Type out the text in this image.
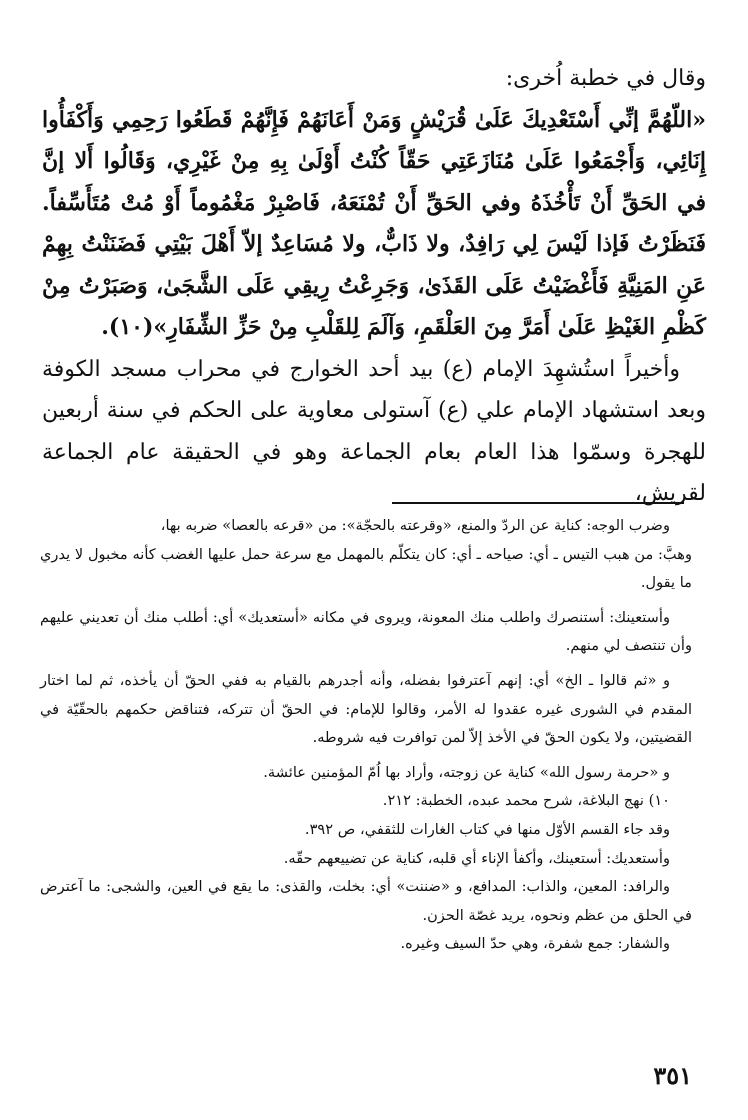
وقال في خطبة اُخرى:

«اللّهُمَّ إنِّي أَسْتَعْدِيكَ عَلَىٰ قُرَيْشٍ وَمَنْ أَعَانَهُمْ فَإِنَّهُمْ قَطَعُوا رَحِمِي وَأَكْفَأُوا إِنَائِي، وَأَجْمَعُوا عَلَىٰ مُنَازَعَتِي حَقّاً كُنْتُ أَوْلَىٰ بِهِ مِنْ غَيْرِي، وَقَالُوا أَلا إنَّ في الحَقِّ أَنْ تَأْخُذَهُ وفي الحَقِّ أَنْ تُمْنَعَهُ، فَاصْبِرْ مَغْمُوماً أَوْ مُتْ مُتَأَسِّفاً. فَنَظَرْتُ فَإذا لَيْسَ لِي رَافِدٌ، ولا ذَابٌّ، ولا مُسَاعِدٌ إلاّ أَهْلَ بَيْتِي فَضَنَنْتُ بِهِمْ عَنِ المَنِيَّةِ فَأَغْضَيْتُ عَلَى القَذَىٰ، وَجَرِعْتُ رِيقِي عَلَى الشَّجَىٰ، وَصَبَرْتُ مِنْ كَظْمِ الغَيْظِ عَلَىٰ أَمَرَّ مِنَ العَلْقَمِ، وَآلَمَ لِلقَلْبِ مِنْ حَزِّ الشِّفَارِ»(١٠).

وأخيراً استُشهِدَ الإمام (ع) بيد أحد الخوارج في محراب مسجد الكوفة وبعد استشهاد الإمام علي (ع) آستولى معاوية على الحكم في سنة أربعين للهجرة وسمّوا هذا العام بعام الجماعة وهو في الحقيقة عام الجماعة لقريش،

وضرب الوجه: كناية عن الردّ والمنع، «وقرعته بالحجّة»: من «قرعه بالعصا» ضربه بها،

وهبَّ: من هبب التيس ـ أي: صياحه ـ أي: كان يتكلّم بالمهمل مع سرعة حمل عليها الغضب كأنه مخبول لا يدري ما يقول.

وأستعينك: أستنصرك واطلب منك المعونة، ويروى في مكانه «أستعديك» أي: أطلب منك أن تعديني عليهم وأن تنتصف لي منهم.

و «ثم قالوا ـ الخ» أي: إنهم آعترفوا بفضله، وأنه أجدرهم بالقيام به ففي الحقّ أن يأخذه، ثم لما اختار المقدم في الشورى غيره عقدوا له الأمر، وقالوا للإمام: في الحقّ أن تتركه، فتناقض حكمهم بالحقّيّة في القضيتين، ولا يكون الحقّ في الأخذ إلاّ لمن توافرت فيه شروطه.

و «حرمة رسول الله» كناية عن زوجته، وأراد بها اُمّ المؤمنين عائشة.

١٠) نهج البلاغة، شرح محمد عبده، الخطبة: ٢١٢.

وقد جاء القسم الأوّل منها في كتاب الغارات للثقفي، ص ٣٩٢.

وأستعديك: أستعينك، وأكفأ الإناء أي قلبه، كناية عن تضييعهم حقّه.

والرافد: المعين، والذاب: المدافع، و «ضننت» أي: بخلت، والقذى: ما يقع في العين، والشجى: ما آعترض في الحلق من عظم ونحوه، يريد غصّة الحزن.

والشفار: جمع شفرة، وهي حدّ السيف وغيره.

٣٥١
